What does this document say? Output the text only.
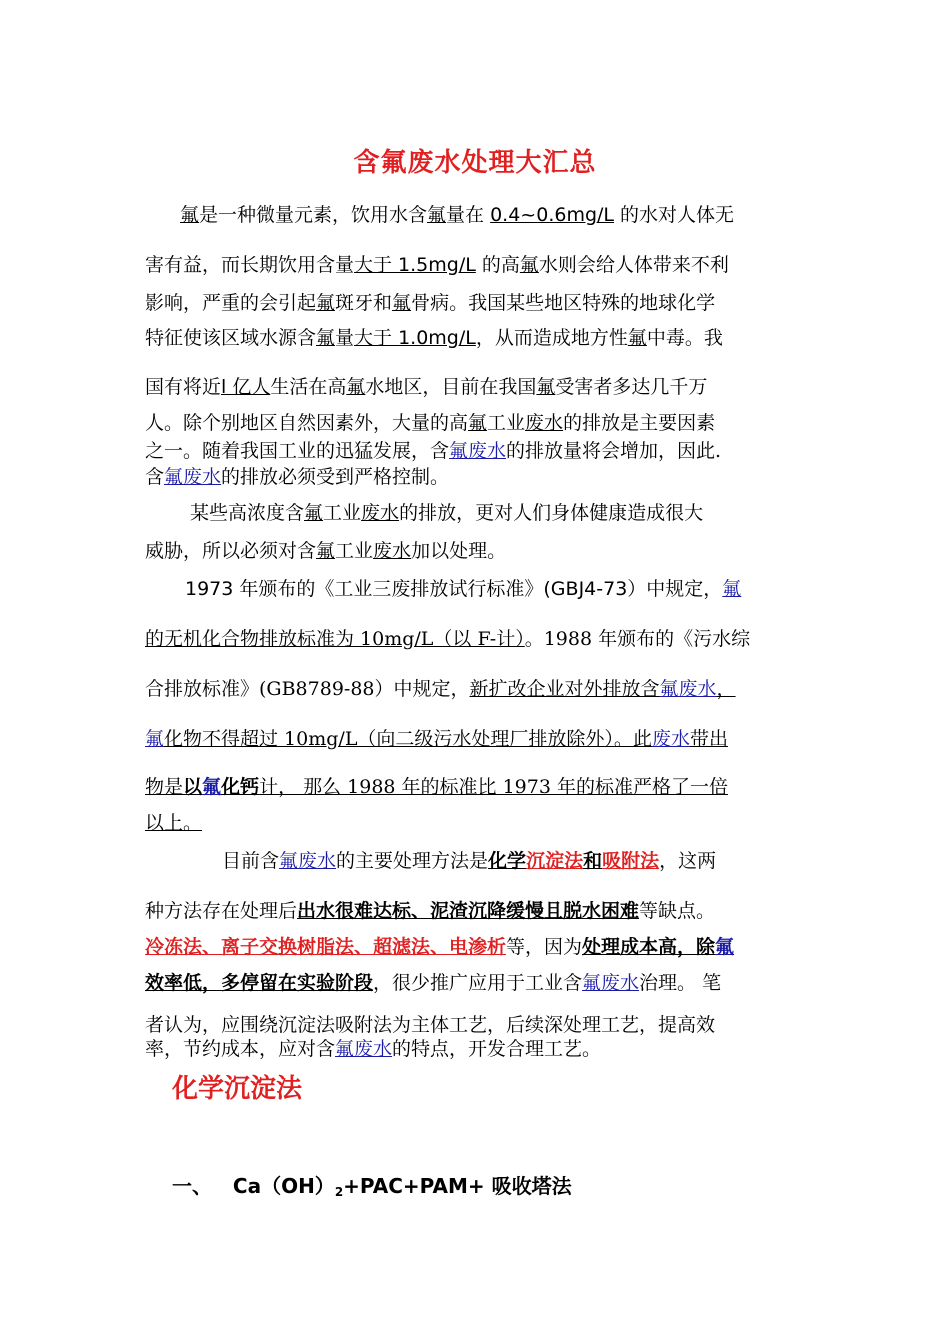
含氟废水处理大汇总
氟是一种微量元素，饮用水含氟量在 0.4~0.6mg/L 的水对人体无
害有益，而长期饮用含量大于 1.5mg/L 的高氟水则会给人体带来不利
影响，严重的会引起氟斑牙和氟骨病。我国某些地区特殊的地球化学
特征使该区域水源含氟量大于 1.0mg/L，从而造成地方性氟中毒。我
国有将近l 亿人生活在高氟水地区，目前在我国氟受害者多达几千万
人。除个别地区自然因素外，大量的高氟工业废水的排放是主要因素
之一。随着我国工业的迅猛发展，含氟废水的排放量将会增加，因此.
含氟废水的排放必须受到严格控制。
某些高浓度含氟工业废水的排放，更对人们身体健康造成很大
威胁，所以必须对含氟工业废水加以处理。
1973 年颁布的《工业三废排放试行标准》(GBJ4-73）中规定，氟
的无机化合物排放标准为 10mg/L（以 F-计）。1988 年颁布的《污水综
合排放标准》(GB8789-88）中规定，新扩改企业对外排放含氟废水，
氟化物不得超过 10mg/L（向二级污水处理厂排放除外）。此废水带出
物是以氟化钙计， 那么 1988 年的标准比 1973 年的标准严格了一倍
以上。
目前含氟废水的主要处理方法是化学沉淀法和吸附法，这两
种方法存在处理后出水很难达标、泥渣沉降缓慢且脱水困难等缺点。
冷冻法、离子交换树脂法、超滤法、电渗析等，因为处理成本高，除氟
效率低，多停留在实验阶段，很少推广应用于工业含氟废水治理。 笔
者认为，应围绕沉淀法吸附法为主体工艺，后续深处理工艺，提高效
率，节约成本，应对含氟废水的特点，开发合理工艺。
化学沉淀法
一、 $Ca(OH)_2+PAC+PAM+$ 吸收塔法
